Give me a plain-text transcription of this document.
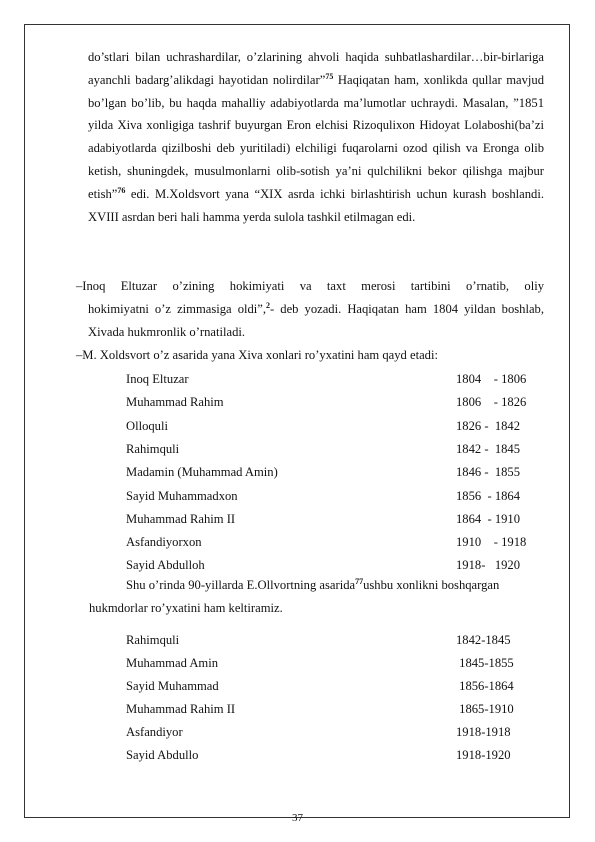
do’stlari bilan uchrashardilar, o’zlarining ahvoli haqida suhbatlashardilar…bir-birlariga ayanchli badarg’alikdagi hayotidan nolirdilar”$^{75}$ Haqiqatan ham, xonlikda qullar mavjud bo’lgan bo’lib, bu haqda mahalliy adabiyotlarda ma’lumotlar uchraydi. Masalan, ”1851 yilda Xiva xonligiga tashrif buyurgan Eron elchisi Rizoqulixon Hidoyat Lolaboshi(ba’zi adabiyotlarda qizilboshi deb yuritiladi) elchiligi fuqarolarni ozod qilish va Eronga olib ketish, shuningdek, musulmonlarni olib-sotish ya’ni qulchilikni bekor qilishga majbur etish”$^{76}$ edi. M.Xoldsvort yana “XIX asrda ichki birlashtirish uchun kurash boshlandi. XVIII asrdan beri hali hamma yerda sulola tashkil etilmagan edi.
–Inoq Eltuzar o’zining hokimiyati va taxt merosi tartibini o’rnatib, oliy
hokimiyatni o’z zimmasiga oldi”,$^2$- deb yozadi. Haqiqatan ham 1804 yildan boshlab, Xivada hukmronlik o’rnatiladi.
–M. Xoldsvort o’z asarida yana Xiva xonlari ro’yxatini ham qayd etadi:
Inoq Eltuzar	1804    - 1806
Muhammad Rahim	1806    - 1826
Olloquli	1826 -  1842
Rahimquli	1842 -  1845
Madamin (Muhammad Amin)	1846 -  1855
Sayid Muhammadxon	1856  - 1864
Muhammad Rahim II	1864  - 1910
Asfandiyorxon	1910    - 1918
Sayid Abdulloh	1918-   1920
Shu o’rinda 90-yillarda E.Ollvortning asarida$^{77}$ushbu xonlikni boshqargan
hukmdorlar ro’yxatini ham keltiramiz.
Rahimquli	1842-1845
Muhammad Amin	1845-1855
Sayid Muhammad	1856-1864
Muhammad Rahim II	1865-1910
Asfandiyor	1918-1918
Sayid Abdullo	1918-1920
37
